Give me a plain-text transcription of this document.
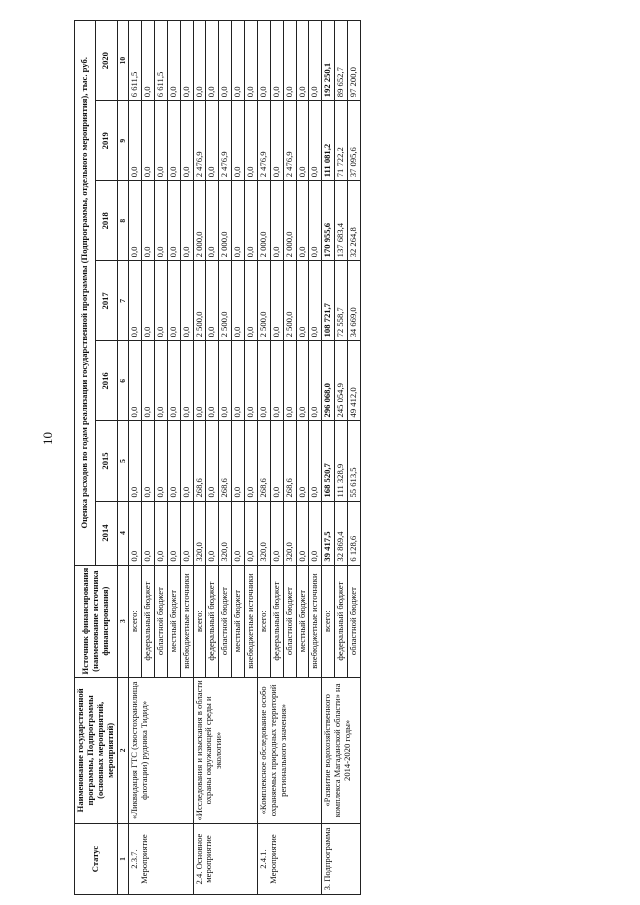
10
Статус	Наименование государственной программы, Подпрограммы (основных мероприятий, мероприятий)	Источник финансирования (наименование источника финансирования)	Оценка расходов по годам реализации государственной программы (Подпрограммы, отдельного мероприятия), тыс. руб.						
			2014	2015	2016	2017	2018	2019	2020
1	2	3	4	5	6	7	8	9	10
2.3.7. Мероприятие	«Ликвидация ГТС (хвостохранилища флотации) рудника Тидид»	всего:	0,0	0,0	0,0	0,0	0,0	0,0	6 611,5
		федеральный бюджет	0,0	0,0	0,0	0,0	0,0	0,0	0,0
		областной бюджет	0,0	0,0	0,0	0,0	0,0	0,0	6 611,5
		местный бюджет	0,0	0,0	0,0	0,0	0,0	0,0	0,0
		внебюджетные источники	0,0	0,0	0,0	0,0	0,0	0,0	0,0
2.4. Основное мероприятие	«Исследования и изыскания в области охраны окружающей среды и экологии»	всего:	320,0	268,6	0,0	2 500,0	2 000,0	2 476,9	0,0
		федеральный бюджет	0,0	0,0	0,0	0,0	0,0	0,0	0,0
		областной бюджет	320,0	268,6	0,0	2 500,0	2 000,0	2 476,9	0,0
		местный бюджет	0,0	0,0	0,0	0,0	0,0	0,0	0,0
		внебюджетные источники	0,0	0,0	0,0	0,0	0,0	0,0	0,0
2.4.1. Мероприятие	«Комплексное обследование особо охраняемых природных территорий регионального значения»	всего:	320,0	268,6	0,0	2 500,0	2 000,0	2 476,9	0,0
		федеральный бюджет	0,0	0,0	0,0	0,0	0,0	0,0	0,0
		областной бюджет	320,0	268,6	0,0	2 500,0	2 000,0	2 476,9	0,0
		местный бюджет	0,0	0,0	0,0	0,0	0,0	0,0	0,0
		внебюджетные источники	0,0	0,0	0,0	0,0	0,0	0,0	0,0
3. Подпрограмма	«Развитие водохозяйственного комплекса Магаданской области» на 2014-2020 годы»	всего:	39 417,5	168 520,7	296 068,0	108 721,7	170 955,6	111 081,2	192 250,1
		федеральный бюджет	32 869,4	111 328,9	245 054,9	72 558,7	137 683,4	71 722,2	89 652,7
		областной бюджет	6 128,6	55 613,5	49 412,0	34 669,0	32 264,8	37 095,6	97 200,0
